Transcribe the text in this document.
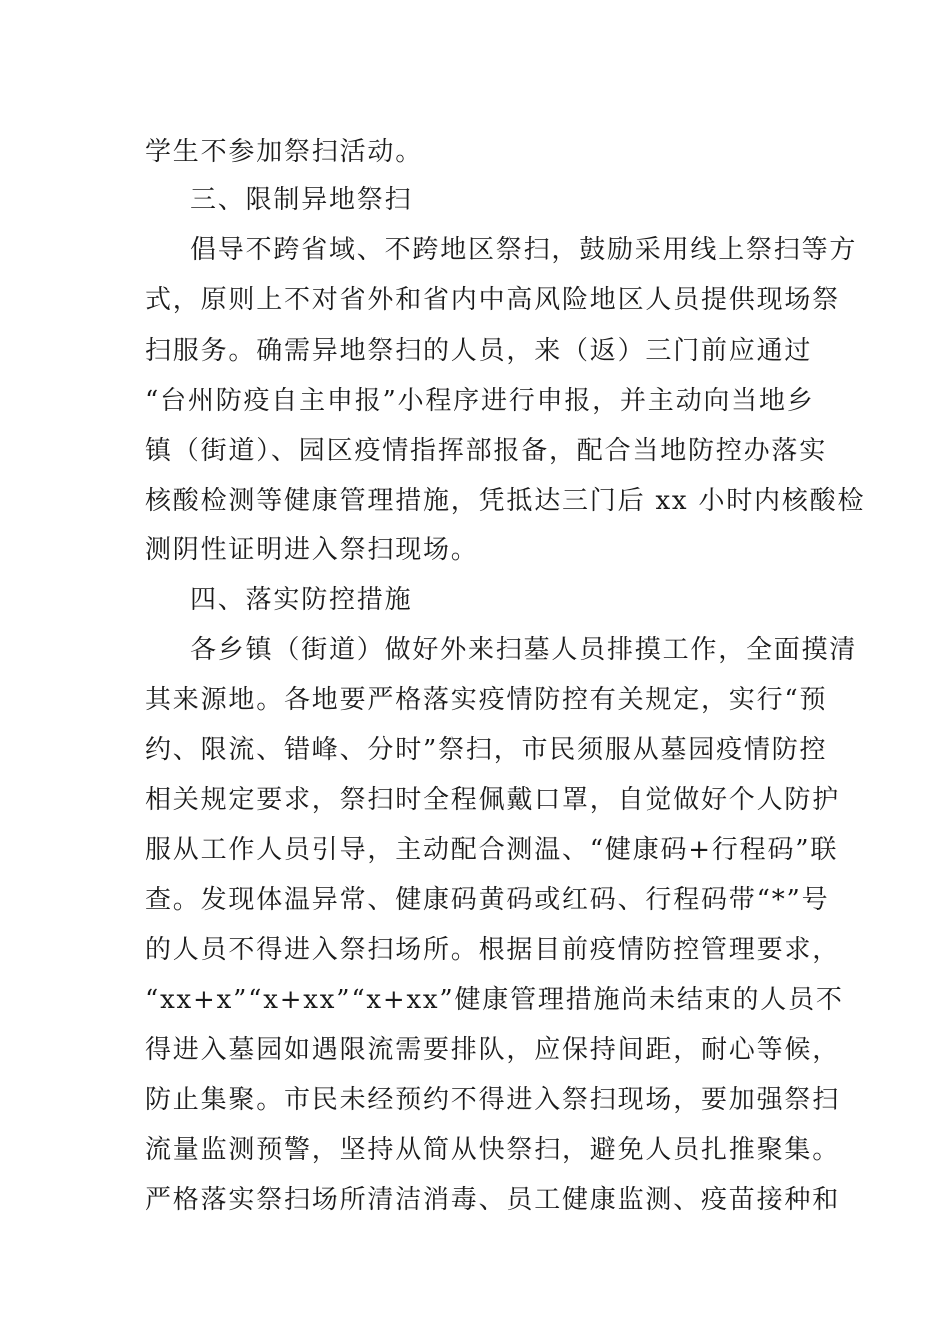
学生不参加祭扫活动。
三、限制异地祭扫
倡导不跨省域、不跨地区祭扫，鼓励采用线上祭扫等方
式，原则上不对省外和省内中高风险地区人员提供现场祭
扫服务。确需异地祭扫的人员，来（返）三门前应通过
“台州防疫自主申报”小程序进行申报，并主动向当地乡
镇（街道）、园区疫情指挥部报备，配合当地防控办落实
核酸检测等健康管理措施，凭抵达三门后 xx 小时内核酸检
测阴性证明进入祭扫现场。
四、落实防控措施
各乡镇（街道）做好外来扫墓人员排摸工作，全面摸清
其来源地。各地要严格落实疫情防控有关规定，实行“预
约、限流、错峰、分时”祭扫，市民须服从墓园疫情防控
相关规定要求，祭扫时全程佩戴口罩，自觉做好个人防护
服从工作人员引导，主动配合测温、“健康码+行程码”联
查。发现体温异常、健康码黄码或红码、行程码带“*”号
的人员不得进入祭扫场所。根据目前疫情防控管理要求，
“xx+x”“x+xx”“x+xx”健康管理措施尚未结束的人员不
得进入墓园如遇限流需要排队，应保持间距，耐心等候，
防止集聚。市民未经预约不得进入祭扫现场，要加强祭扫
流量监测预警，坚持从简从快祭扫，避免人员扎推聚集。
严格落实祭扫场所清洁消毒、员工健康监测、疫苗接种和
